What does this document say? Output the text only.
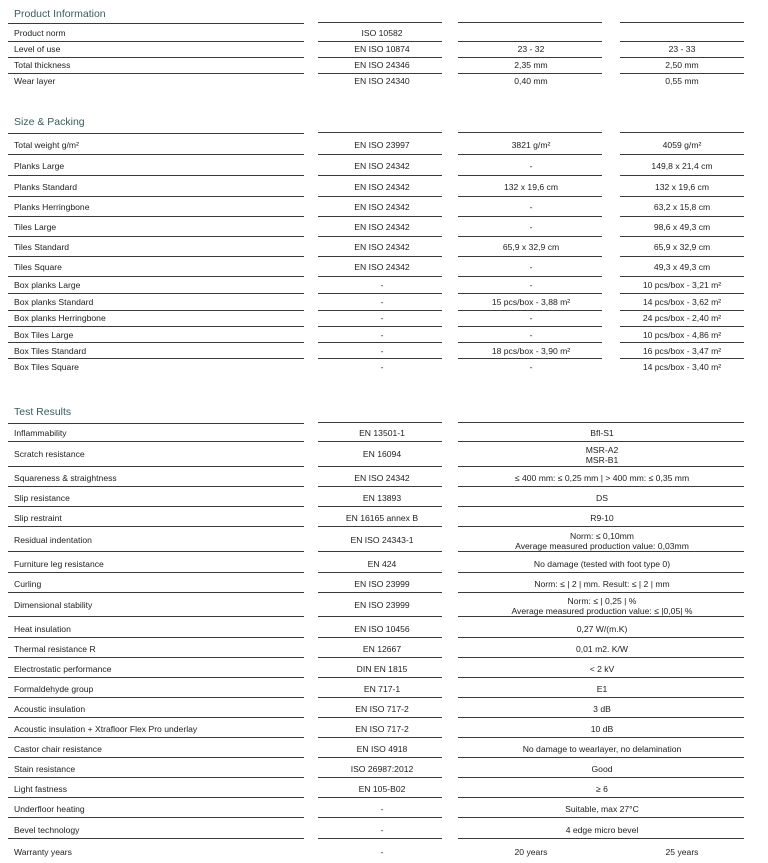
Product Information
Product norm	ISO 10582
Level of use	EN ISO 10874	23 - 32	23 - 33
Total thickness	EN ISO 24346	2,35 mm	2,50 mm
Wear layer	EN ISO 24340	0,40 mm	0,55 mm
Size & Packing
Total weight g/m²	EN ISO 23997	3821 g/m²	4059 g/m²
Planks Large	EN ISO 24342	-	149,8 x 21,4 cm
Planks Standard	EN ISO 24342	132 x 19,6 cm	132 x 19,6 cm
Planks Herringbone	EN ISO 24342	-	63,2 x 15,8 cm
Tiles Large	EN ISO 24342	-	98,6 x 49,3 cm
Tiles Standard	EN ISO 24342	65,9 x 32,9 cm	65,9 x 32,9 cm
Tiles Square	EN ISO 24342	-	49,3 x 49,3 cm
Box planks Large	-	-	10 pcs/box - 3,21 m²
Box planks Standard	-	15 pcs/box - 3,88 m²	14 pcs/box - 3,62 m²
Box planks Herringbone	-	-	24 pcs/box - 2,40 m²
Box Tiles Large	-	-	10 pcs/box - 4,86 m²
Box Tiles Standard	-	18 pcs/box - 3,90 m²	16 pcs/box - 3,47 m²
Box Tiles Square	-	-	14 pcs/box - 3,40 m²
Test Results
Inflammability	EN 13501-1	Bfl-S1
Scratch resistance	EN 16094	MSR-A2
MSR-B1
Squareness & straightness	EN ISO 24342	≤ 400 mm: ≤ 0,25 mm | > 400 mm: ≤ 0,35 mm
Slip resistance	EN 13893	DS
Slip restraint	EN 16165 annex B	R9-10
Residual indentation	EN ISO 24343-1	Norm: ≤ 0,10mm
Average measured production value: 0,03mm
Furniture leg resistance	EN 424	No damage (tested with foot type 0)
Curling	EN ISO 23999	Norm: ≤ | 2 | mm. Result: ≤ | 2 | mm
Dimensional stability	EN ISO 23999	Norm: ≤ | 0,25 | %
Average measured production value: ≤ |0,05| %
Heat insulation	EN ISO 10456	0,27 W/(m.K)
Thermal resistance R	EN 12667	0,01 m2. K/W
Electrostatic performance	DIN EN 1815	< 2 kV
Formaldehyde group	EN 717-1	E1
Acoustic insulation	EN ISO 717-2	3 dB
Acoustic insulation + Xtrafloor Flex Pro underlay	EN ISO 717-2	10 dB
Castor chair resistance	EN ISO 4918	No damage to wearlayer, no delamination
Stain resistance	ISO 26987:2012	Good
Light fastness	EN 105-B02	≥ 6
Underfloor heating	-	Suitable, max 27°C
Bevel technology	-	4 edge micro bevel
Warranty years	-	20 years	25 years
